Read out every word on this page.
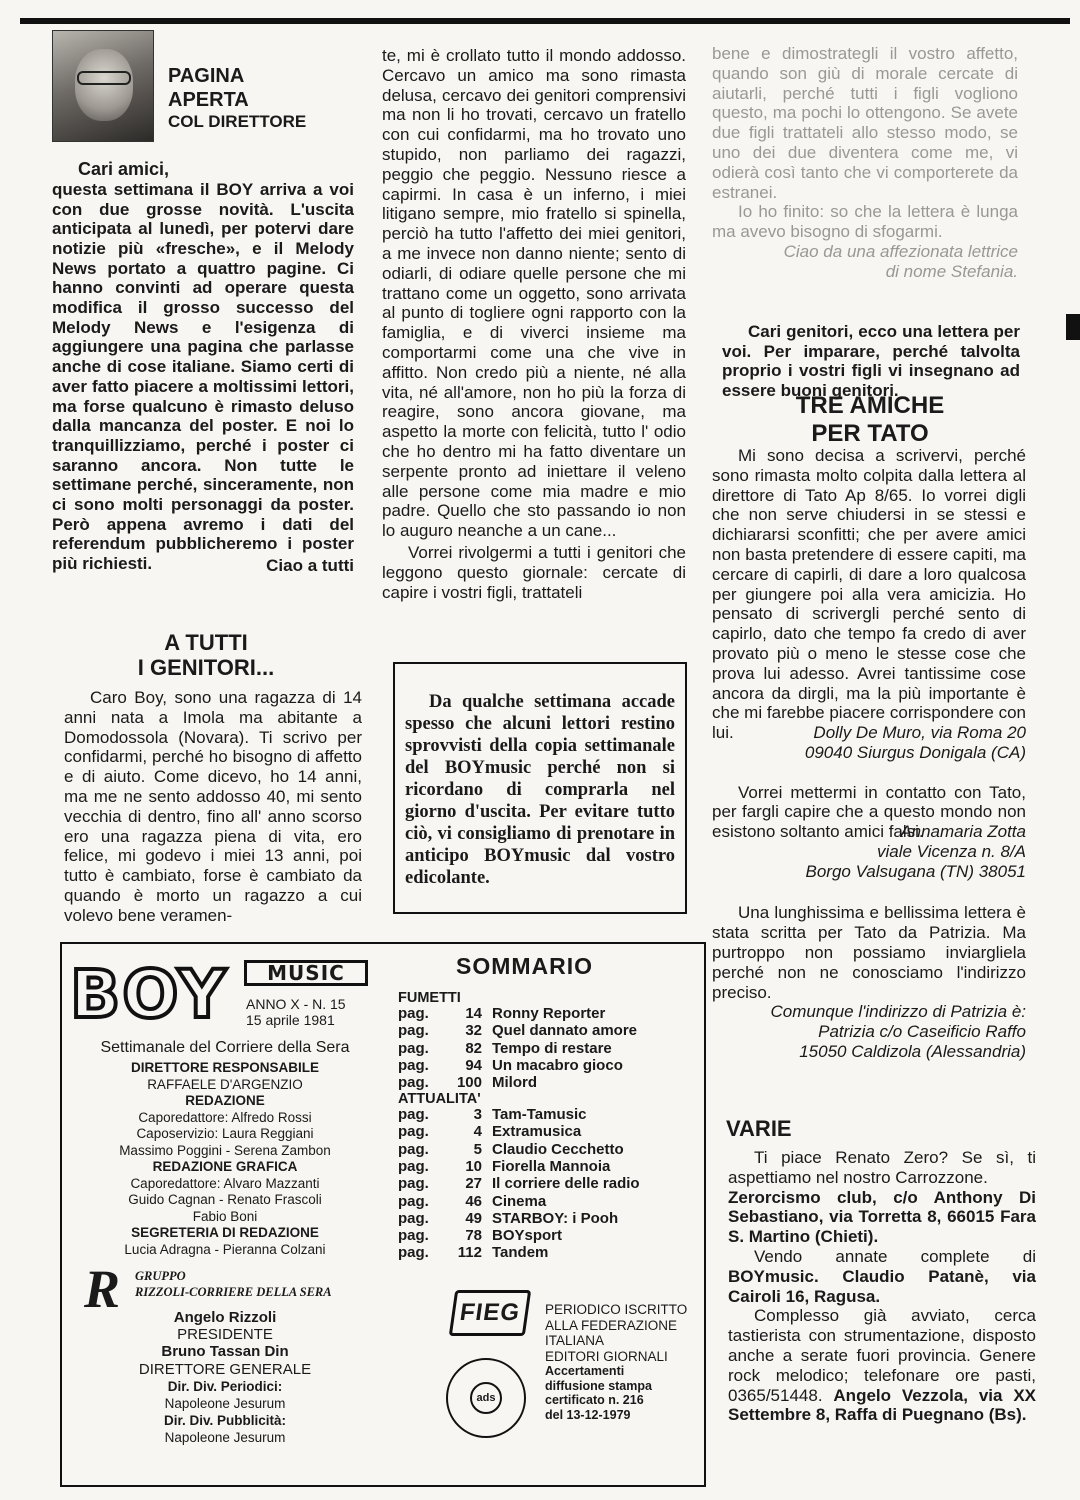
PAGINA
APERTA
COL DIRETTORE

Cari amici,

questa settimana il BOY arriva a voi con due grosse novità. L'uscita anticipata al lunedì, per potervi dare notizie più «fresche», e il Melody News portato a quattro pagine. Ci hanno convinti ad operare questa modifica il grosso successo del Melody News e l'esigenza di aggiungere una pagina che parlasse anche di cose italiane. Siamo certi di aver fatto piacere a moltissimi lettori, ma forse qualcuno è rimasto deluso dalla mancanza del poster. E noi lo tranquillizziamo, perché i poster ci saranno ancora. Non tutte le settimane perché, sinceramente, non ci sono molti personaggi da poster. Però appena avremo i dati del referendum pubblicheremo i poster più richiesti.	Ciao a tutti

A TUTTI
I GENITORI...

Caro Boy, sono una ragazza di 14 anni nata a Imola ma abitante a Domodossola (Novara). Ti scrivo per confidarmi, perché ho bisogno di affetto e di aiuto. Come dicevo, ho 14 anni, ma me ne sento addosso 40, mi sento vecchia di dentro, fino all' anno scorso ero una ragazza piena di vita, ero felice, mi godevo i miei 13 anni, poi tutto è cambiato, forse è cambiato da quando è morto un ragazzo a cui volevo bene veramen-

te, mi è crollato tutto il mondo addosso. Cercavo un amico ma sono rimasta delusa, cercavo dei genitori comprensivi ma non li ho trovati, cercavo un fratello con cui confidarmi, ma ho trovato uno stupido, non parliamo dei ragazzi, peggio che peggio. Nessuno riesce a capirmi. In casa è un inferno, i miei litigano sempre, mio fratello si spinella, perciò ha tutto l'affetto dei miei genitori, a me invece non danno niente; sento di odiarli, di odiare quelle persone che mi trattano come un oggetto, sono arrivata al punto di togliere ogni rapporto con la famiglia, e di viverci insieme ma comportarmi come una che vive in affitto. Non credo più a niente, né alla vita, né all'amore, non ho più la forza di reagire, sono ancora giovane, ma aspetto la morte con felicità, tutto l' odio che ho dentro mi ha fatto diventare un serpente pronto ad iniettare il veleno alle persone come mia madre e mio padre. Quello che sto passando io non lo auguro neanche a un cane...

Vorrei rivolgermi a tutti i genitori che leggono questo giornale: cercate di capire i vostri figli, trattateli

Da qualche settimana accade spesso che alcuni lettori restino sprovvisti della copia settimanale del BOYmusic perché non si ricordano di comprarla nel giorno d'uscita. Per evitare tutto ciò, vi consigliamo di prenotare in anticipo BOYmusic dal vostro edicolante.

bene e dimostrategli il vostro affetto, quando son giù di morale cercate di aiutarli, perché tutti i figli vogliono questo, ma pochi lo ottengono. Se avete due figli trattateli allo stesso modo, se uno dei due diventera come me, vi odierà così tanto che vi comporterete da estranei.

Io ho finito: so che la lettera è lunga ma avevo bisogno di sfogarmi.

Ciao da una affezionata lettrice

di nome Stefania.

Cari genitori, ecco una lettera per voi. Per imparare, perché talvolta proprio i vostri figli vi insegnano ad essere buoni genitori.

TRE AMICHE
PER TATO

Mi sono decisa a scrivervi, perché sono rimasta molto colpita dalla lettera al direttore di Tato Ap 8/65. Io vorrei digli che non serve chiudersi in se stessi e dichiararsi sconfitti; che per avere amici non basta pretendere di essere capiti, ma cercare di capirli, di dare a loro qualcosa per giungere poi alla vera amicizia. Ho pensato di scrivergli perché sento di capirlo, dato che tempo fa credo di aver provato più o meno le stesse cose che prova lui adesso. Avrei tantissime cose ancora da dirgli, ma la più importante è che mi farebbe piacere corrispondere con lui.	Dolly De Muro, via Roma 20

09040 Siurgus Donigala (CA)

Vorrei mettermi in contatto con Tato, per fargli capire che a questo mondo non esistono soltanto amici falsi.

Annamaria Zotta

viale Vicenza n. 8/A

Borgo Valsugana (TN) 38051

Una lunghissima e bellissima lettera è stata scritta per Tato da Patrizia. Ma purtroppo non possiamo inviargliela perché non ne conosciamo l'indirizzo preciso.

Comunque l'indirizzo di Patrizia è:

Patrizia c/o Caseificio Raffo

15050 Caldizola (Alessandria)

VARIE

Ti piace Renato Zero? Se sì, ti aspettiamo nel nostro Carrozzone.

Zerorcismo club, c/o Anthony Di Sebastiano, via Torretta 8, 66015 Fara S. Martino (Chieti).

Vendo annate complete di BOYmusic. Claudio Patanè, via Cairoli 16, Ragusa.

Complesso già avviato, cerca tastierista con strumentazione, disposto anche a serate fuori provincia. Genere rock melodico; telefonare ore pasti, 0365/51448. Angelo Vezzola, via XX Settembre 8, Raffa di Puegnano (Bs).

BOY	MUSIC
ANNO X - N. 15
15 aprile 1981
Settimanale del Corriere della Sera
DIRETTORE RESPONSABILE
RAFFAELE D'ARGENZIO
REDAZIONE
Caporedattore: Alfredo Rossi
Caposervizio: Laura Reggiani
Massimo Poggini - Serena Zambon
REDAZIONE GRAFICA
Caporedattore: Alvaro Mazzanti
Guido Cagnan - Renato Frascoli
Fabio Boni
SEGRETERIA DI REDAZIONE
Lucia Adragna - Pieranna Colzani
R GRUPPO
RIZZOLI-CORRIERE DELLA SERA
Angelo Rizzoli
PRESIDENTE
Bruno Tassan Din
DIRETTORE GENERALE
Dir. Div. Periodici:
Napoleone Jesurum
Dir. Div. Pubblicità:
Napoleone Jesurum
SOMMARIO
FUMETTI
pag. 14 Ronny Reporter
pag. 32 Quel dannato amore
pag. 82 Tempo di restare
pag. 94 Un macabro gioco
pag. 100 Milord
ATTUALITA'
pag.	3 Tam-Tamusic
pag.	4 Extramusica
pag.	5 Claudio Cecchetto
pag. 10 Fiorella Mannoia
pag. 27 Il corriere delle radio
pag. 46 Cinema
pag. 49 STARBOY: i Pooh
pag. 78 BOYsport
pag. 112 Tandem
FIEG	PERIODICO ISCRITTO
ALLA FEDERAZIONE
ITALIANA
EDITORI GIORNALI
ads
Accertamenti
diffusione stampa
certificato n. 216
del 13-12-1979
